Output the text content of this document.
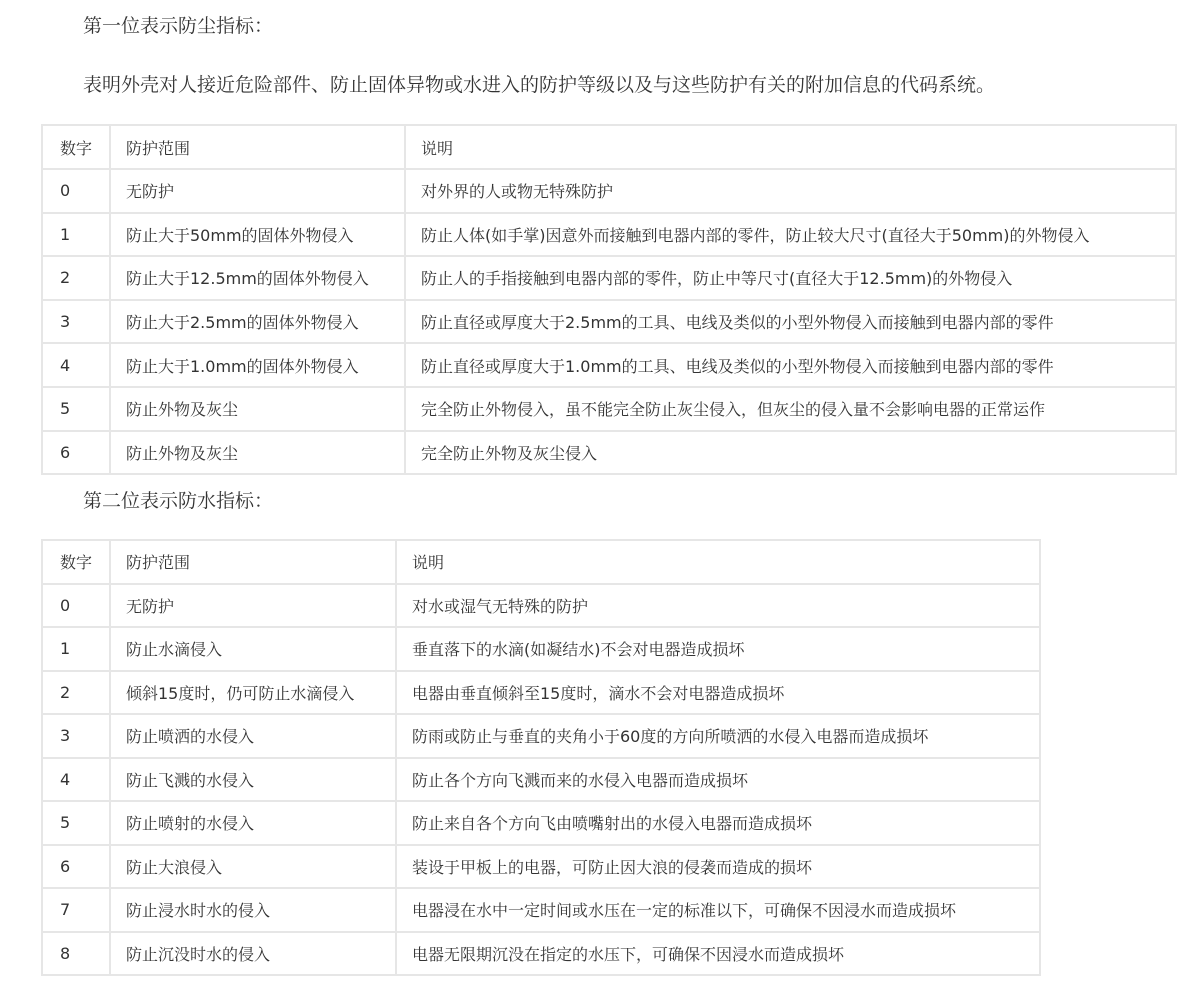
第一位表示防尘指标：
表明外壳对人接近危险部件、防止固体异物或水进入的防护等级以及与这些防护有关的附加信息的代码系统。
数字	防护范围	说明
0	无防护	对外界的人或物无特殊防护
1	防止大于50mm的固体外物侵入	防止人体(如手掌)因意外而接触到电器内部的零件，防止较大尺寸(直径大于50mm)的外物侵入
2	防止大于12.5mm的固体外物侵入	防止人的手指接触到电器内部的零件，防止中等尺寸(直径大于12.5mm)的外物侵入
3	防止大于2.5mm的固体外物侵入	防止直径或厚度大于2.5mm的工具、电线及类似的小型外物侵入而接触到电器内部的零件
4	防止大于1.0mm的固体外物侵入	防止直径或厚度大于1.0mm的工具、电线及类似的小型外物侵入而接触到电器内部的零件
5	防止外物及灰尘	完全防止外物侵入，虽不能完全防止灰尘侵入，但灰尘的侵入量不会影响电器的正常运作
6	防止外物及灰尘	完全防止外物及灰尘侵入
第二位表示防水指标：
数字	防护范围	说明
0	无防护	对水或湿气无特殊的防护
1	防止水滴侵入	垂直落下的水滴(如凝结水)不会对电器造成损坏
2	倾斜15度时，仍可防止水滴侵入	电器由垂直倾斜至15度时，滴水不会对电器造成损坏
3	防止喷洒的水侵入	防雨或防止与垂直的夹角小于60度的方向所喷洒的水侵入电器而造成损坏
4	防止飞溅的水侵入	防止各个方向飞溅而来的水侵入电器而造成损坏
5	防止喷射的水侵入	防止来自各个方向飞由喷嘴射出的水侵入电器而造成损坏
6	防止大浪侵入	装设于甲板上的电器，可防止因大浪的侵袭而造成的损坏
7	防止浸水时水的侵入	电器浸在水中一定时间或水压在一定的标准以下，可确保不因浸水而造成损坏
8	防止沉没时水的侵入	电器无限期沉没在指定的水压下，可确保不因浸水而造成损坏
